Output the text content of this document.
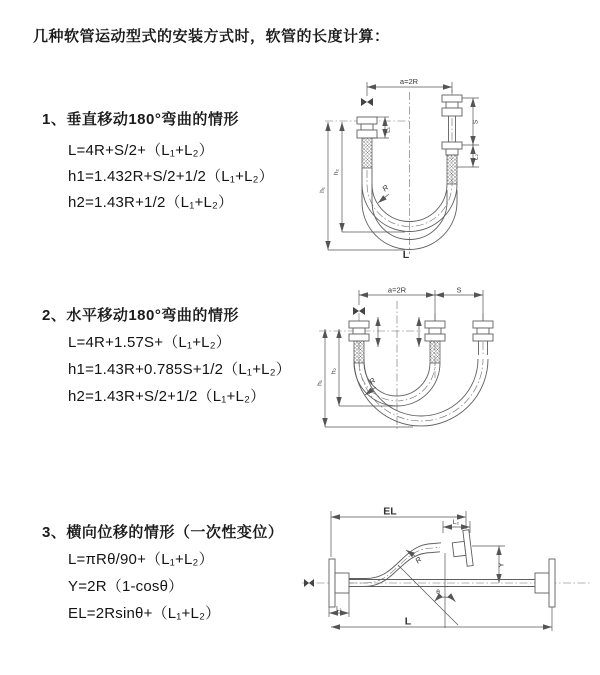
几种软管运动型式的安装方式时，软管的长度计算：
1、垂直移动180°弯曲的情形
L=4R+S/2+（L₁+L₂）
h1=1.432R+S/2+1/2（L₁+L₂）
h2=1.43R+1/2（L₁+L₂）
a=2R
L₁
S
L₂
h₂
h₁	R
L
2、水平移动180°弯曲的情形
L=4R+1.57S+（L₁+L₂）
h1=1.43R+0.785S+1/2（L₁+L₂）
h2=1.43R+S/2+1/2（L₁+L₂）
a=2R	S
h₂
h₁	R
3、横向位移的情形（一次性变位）
L=πRθ/90+（L₁+L₂）
Y=2R（1-cosθ）
EL=2Rsinθ+（L₁+L₂）
EL
L₂
Y
R
θ
L₁
L
